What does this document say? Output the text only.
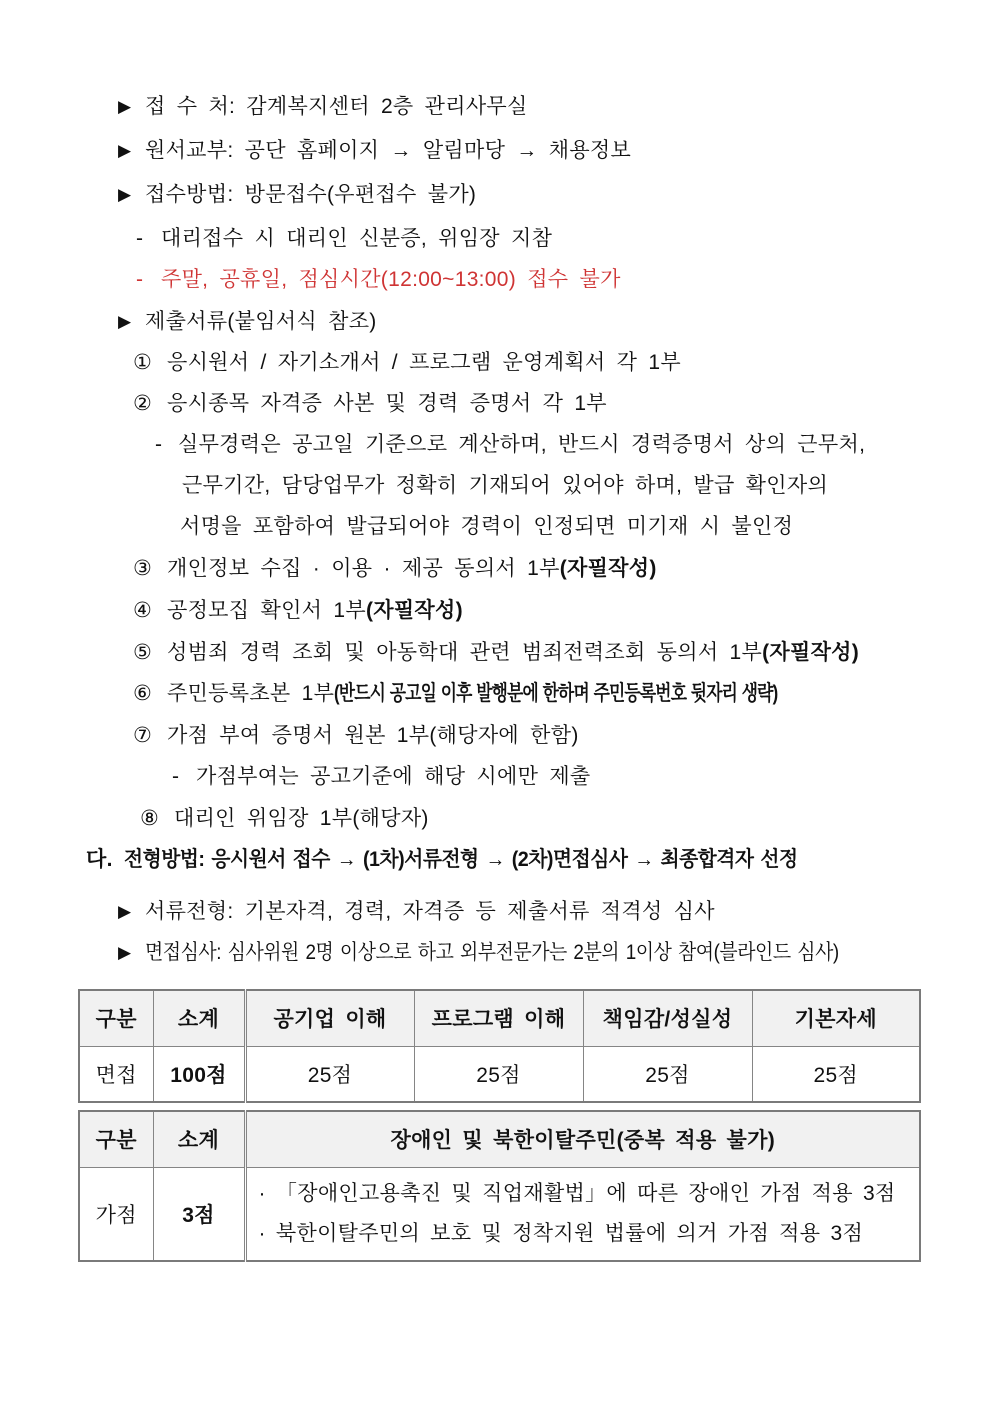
▶ 접 수 처: 감계복지센터 2층 관리사무실
▶ 원서교부: 공단 홈페이지 → 알림마당 → 채용정보
▶ 접수방법: 방문접수(우편접수 불가)
- 대리접수 시 대리인 신분증, 위임장 지참
- 주말, 공휴일, 점심시간(12:00~13:00) 접수 불가
▶ 제출서류(붙임서식 참조)
① 응시원서 / 자기소개서 / 프로그램 운영계획서 각 1부
② 응시종목 자격증 사본 및 경력 증명서 각 1부
- 실무경력은 공고일 기준으로 계산하며, 반드시 경력증명서 상의 근무처,
근무기간, 담당업무가 정확히 기재되어 있어야 하며, 발급 확인자의
서명을 포함하여 발급되어야 경력이 인정되면 미기재 시 불인정
③ 개인정보 수집 · 이용 · 제공 동의서 1부(자필작성)
④ 공정모집 확인서 1부(자필작성)
⑤ 성범죄 경력 조회 및 아동학대 관련 범죄전력조회 동의서 1부(자필작성)
⑥ 주민등록초본 1부(반드시 공고일 이후 발행분에 한하며 주민등록번호 뒷자리 생략)
⑦ 가점 부여 증명서 원본 1부(해당자에 한함)
- 가점부여는 공고기준에 해당 시에만 제출
⑧ 대리인 위임장 1부(해당자)
다. 전형방법: 응시원서 접수 → (1차)서류전형 → (2차)면접심사 → 최종합격자 선정
▶ 서류전형: 기본자격, 경력, 자격증 등 제출서류 적격성 심사
▶ 면접심사: 심사위원 2명 이상으로 하고 외부전문가는 2분의 1이상 참여(블라인드 심사)
구분	소계	공기업 이해	프로그램 이해	책임감/성실성	기본자세
면접	100점	25점	25점	25점	25점
구분	소계	장애인 및 북한이탈주민(중복 적용 불가)
가점	3점	· 「장애인고용촉진 및 직업재활법」에 따른 장애인 가점 적용 3점
· 북한이탈주민의 보호 및 정착지원 법률에 의거 가점 적용 3점
